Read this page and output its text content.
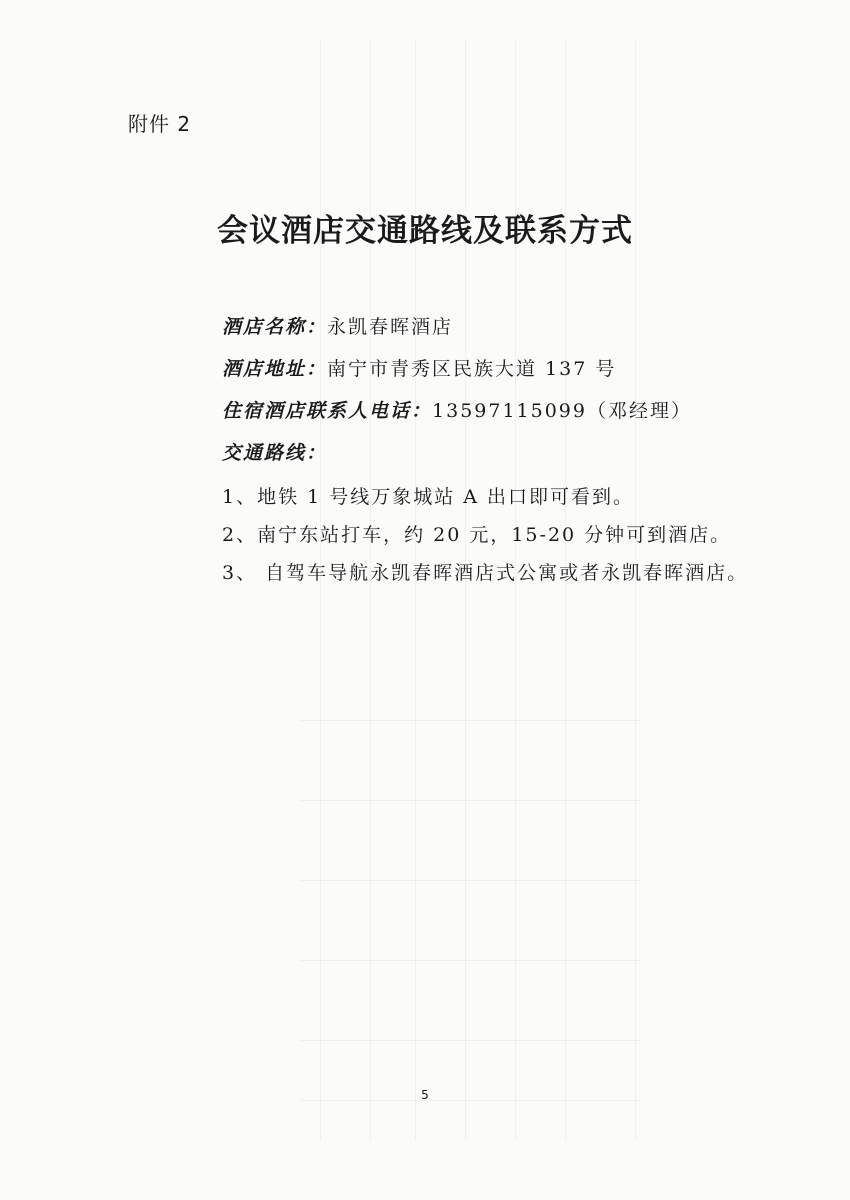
附件 2
会议酒店交通路线及联系方式
酒店名称：永凯春晖酒店
酒店地址：南宁市青秀区民族大道 137 号
住宿酒店联系人电话：13597115099（邓经理）
交通路线：
1、地铁 1 号线万象城站 A 出口即可看到。
2、南宁东站打车，约 20 元，15-20 分钟可到酒店。
3、 自驾车导航永凯春晖酒店式公寓或者永凯春晖酒店。
5
